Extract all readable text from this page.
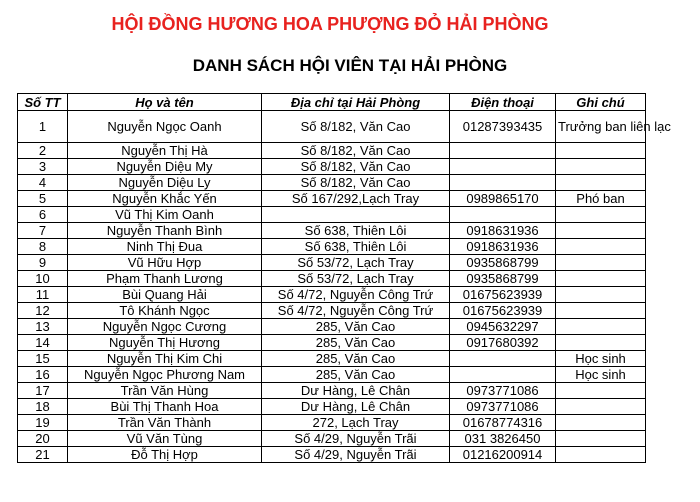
HỘI ĐỒNG HƯƠNG HOA PHƯỢNG ĐỎ HẢI PHÒNG
DANH SÁCH HỘI VIÊN TẠI HẢI PHÒNG
Số TT	Họ và tên	Địa chỉ tại Hải Phòng	Điện thoại	Ghi chú
1	Nguyễn Ngọc Oanh	Số 8/182, Văn Cao	01287393435	Trưởng ban liên lạc
2	Nguyễn Thị Hà	Số 8/182, Văn Cao		
3	Nguyễn Diệu My	Số 8/182, Văn Cao		
4	Nguyễn Diệu Ly	Số 8/182, Văn Cao		
5	Nguyễn Khắc Yến	Số 167/292,Lạch Tray	0989865170	Phó ban
6	Vũ Thị Kim Oanh			
7	Nguyễn Thanh Bình	Số 638, Thiên Lôi	0918631936	
8	Ninh Thị Đua	Số 638, Thiên Lôi	0918631936	
9	Vũ Hữu Hợp	Số 53/72, Lạch Tray	0935868799	
10	Phạm Thanh Lương	Số 53/72, Lạch Tray	0935868799	
11	Bùi Quang Hải	Số 4/72, Nguyễn Công Trứ	01675623939	
12	Tô Khánh Ngọc	Số 4/72, Nguyễn Công Trứ	01675623939	
13	Nguyễn Ngọc Cương	285, Văn Cao	0945632297	
14	Nguyễn Thị Hương	285, Văn Cao	0917680392	
15	Nguyễn Thị Kim Chi	285, Văn Cao		Học sinh
16	Nguyễn Ngọc Phương Nam	285, Văn Cao		Học sinh
17	Trần Văn Hùng	Dư Hàng, Lê Chân	0973771086	
18	Bùi Thị Thanh Hoa	Dư Hàng, Lê Chân	0973771086	
19	Trần Văn Thành	272, Lạch Tray	01678774316	
20	Vũ Văn Tùng	Số 4/29, Nguyễn Trãi	031 3826450	
21	Đỗ Thị Hợp	Số 4/29, Nguyễn Trãi	01216200914	
